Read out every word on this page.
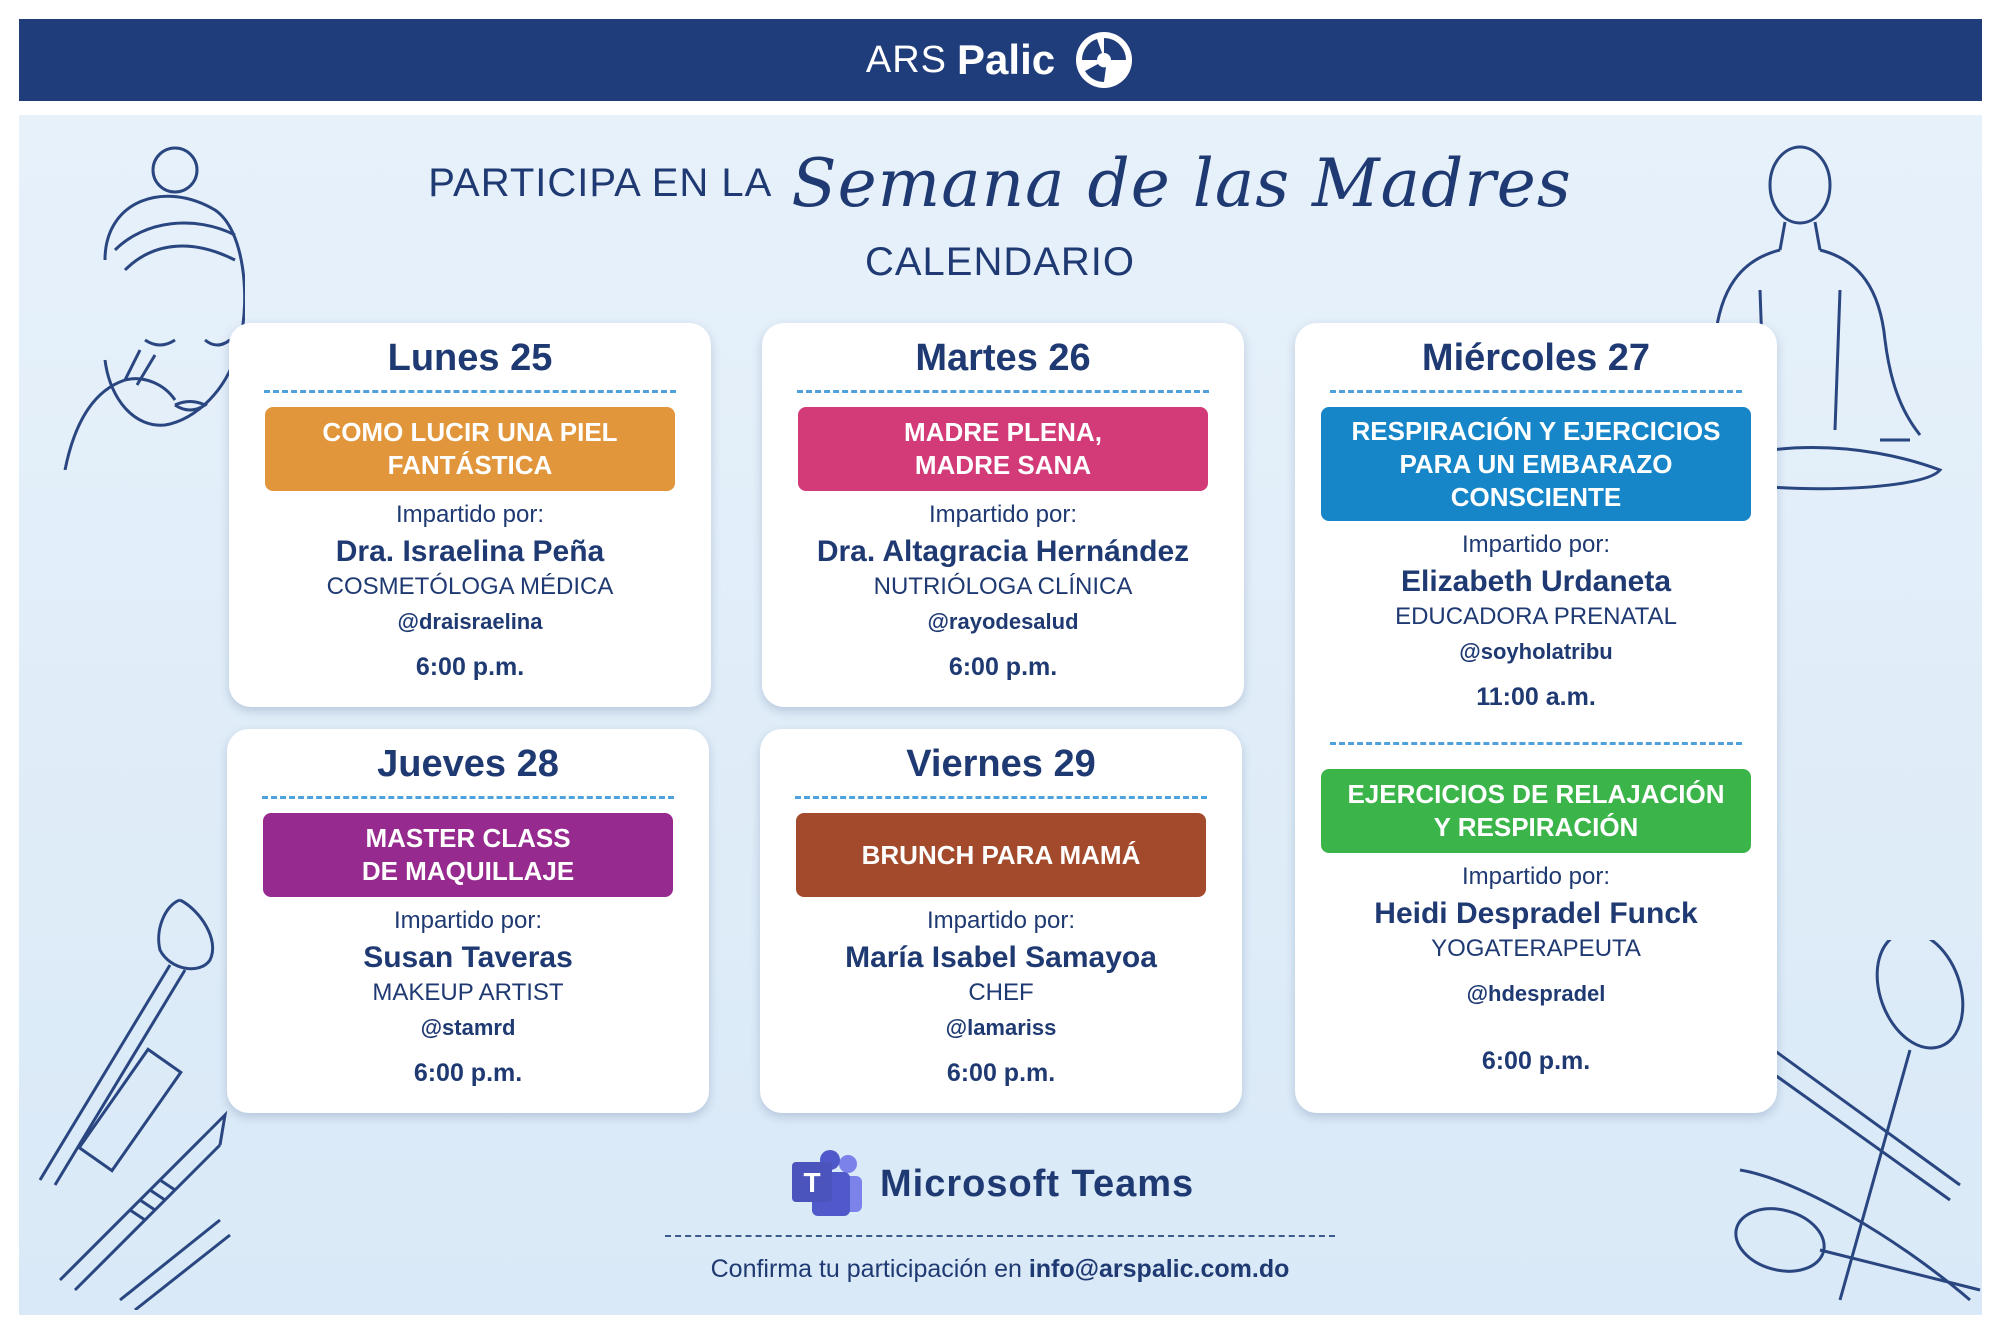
ARS Palic
PARTICIPA EN LA Semana de las Madres
CALENDARIO
Lunes 25
COMO LUCIR UNA PIEL
FANTÁSTICA
Impartido por:
Dra. Israelina Peña
COSMETÓLOGA MÉDICA
@draisraelina
6:00 p.m.
Martes 26
MADRE PLENA,
MADRE SANA
Impartido por:
Dra. Altagracia Hernández
NUTRIÓLOGA CLÍNICA
@rayodesalud
6:00 p.m.
Miércoles 27
RESPIRACIÓN Y EJERCICIOS
PARA UN EMBARAZO
CONSCIENTE
Impartido por:
Elizabeth Urdaneta
EDUCADORA PRENATAL
@soyholatribu
11:00 a.m.
EJERCICIOS DE RELAJACIÓN
Y RESPIRACIÓN
Impartido por:
Heidi Despradel Funck
YOGATERAPEUTA
@hdespradel
6:00 p.m.
Jueves 28
MASTER CLASS
DE MAQUILLAJE
Impartido por:
Susan Taveras
MAKEUP ARTIST
@stamrd
6:00 p.m.
Viernes 29
BRUNCH PARA MAMÁ
Impartido por:
María Isabel Samayoa
CHEF
@lamariss
6:00 p.m.
T Microsoft Teams
Confirma tu participación en info@arspalic.com.do
